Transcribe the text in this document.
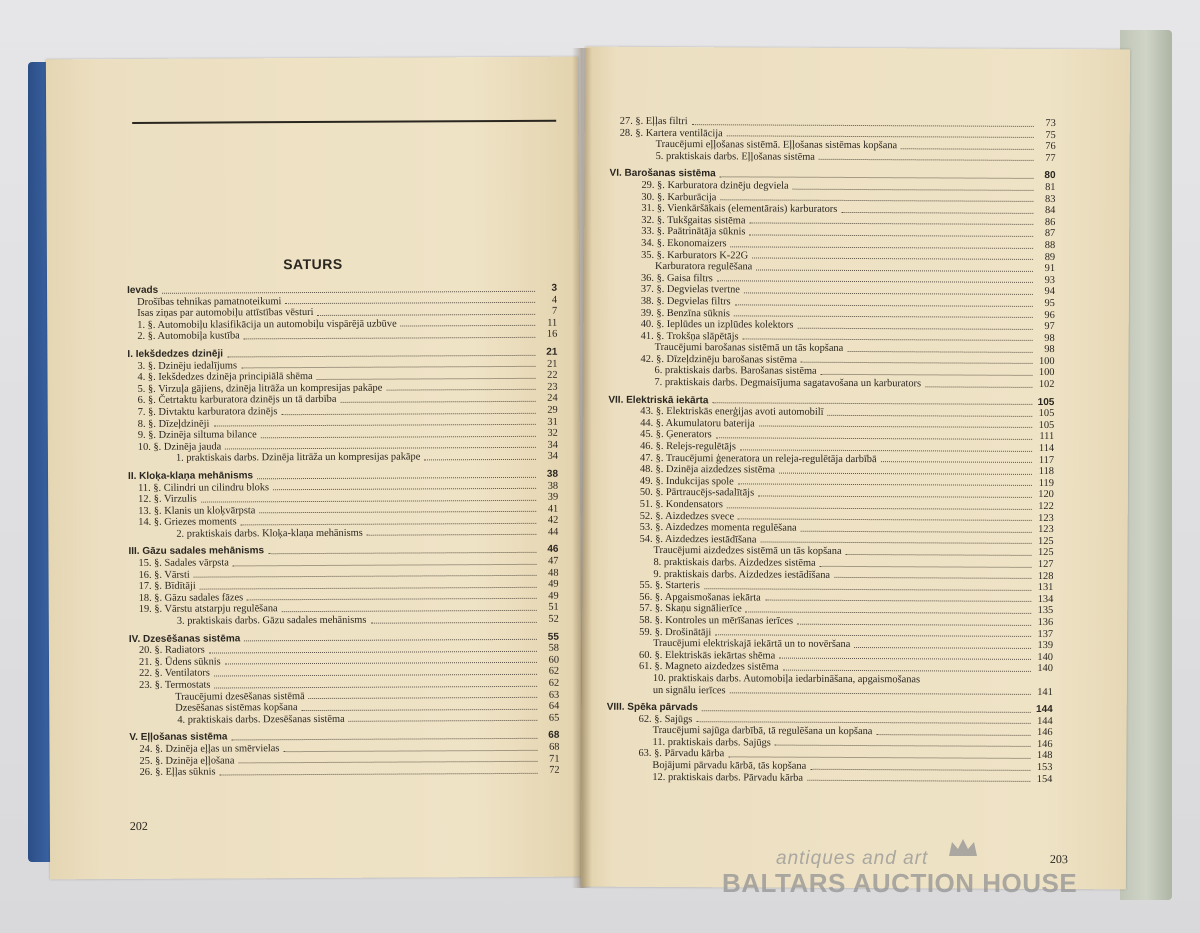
SATURS
Ievads	3
Drošības tehnikas pamatnoteikumi	4
Isas ziņas par automobiļu attīstības vēsturi	7
1. §. Automobiļu klasifikācija un automobiļu vispārējā uzbūve	11
2. §. Automobiļa kustība	16
I. Iekšdedzes dzinēji	21
3. §. Dzinēju iedalījums	21
4. §. Iekšdedzes dzinēja principiālā shēma	22
5. §. Virzuļa gājiens, dzinēja litrāža un kompresijas pakāpe	23
6. §. Četrtaktu karburatora dzinējs un tā darbība	24
7. §. Divtaktu karburatora dzinējs	29
8. §. Dīzeļdzinēji	31
9. §. Dzinēja siltuma bilance	32
10. §. Dzinēja jauda	34
1. praktiskais darbs. Dzinēja litrāža un kompresijas pakāpe	34
II. Kloķa-klaņa mehānisms	38
11. §. Cilindri un cilindru bloks	38
12. §. Virzulis	39
13. §. Klanis un kloķvārpsta	41
14. §. Griezes moments	42
2. praktiskais darbs. Kloķa-klaņa mehānisms	44
III. Gāzu sadales mehānisms	46
15. §. Sadales vārpsta	47
16. §. Vārsti	48
17. §. Bīdītāji	49
18. §. Gāzu sadales fāzes	49
19. §. Vārstu atstarpju regulēšana	51
3. praktiskais darbs. Gāzu sadales mehānisms	52
IV. Dzesēšanas sistēma	55
20. §. Radiators	58
21. §. Ūdens sūknis	60
22. §. Ventilators	62
23. §. Termostats	62
Traucējumi dzesēšanas sistēmā	63
Dzesēšanas sistēmas kopšana	64
4. praktiskais darbs. Dzesēšanas sistēma	65
V. Eļļošanas sistēma	68
24. §. Dzinēja eļļas un smērvielas	68
25. §. Dzinēja eļļošana	71
26. §. Eļļas sūknis	72
202
27. §. Eļļas filtri	73
28. §. Kartera ventilācija	75
Traucējumi eļļošanas sistēmā. Eļļošanas sistēmas kopšana	76
5. praktiskais darbs. Eļļošanas sistēma	77
VI. Barošanas sistēma	80
29. §. Karburatora dzinēju degviela	81
30. §. Karburācija	83
31. §. Vienkāršākais (elementārais) karburators	84
32. §. Tukšgaitas sistēma	86
33. §. Paātrinātāja sūknis	87
34. §. Ekonomaizers	88
35. §. Karburators K-22G	89
Karburatora regulēšana	91
36. §. Gaisa filtrs	93
37. §. Degvielas tvertne	94
38. §. Degvielas filtrs	95
39. §. Benzīna sūknis	96
40. §. Ieplūdes un izplūdes kolektors	97
41. §. Trokšņa slāpētājs	98
Traucējumi barošanas sistēmā un tās kopšana	98
42. §. Dīzeļdzinēju barošanas sistēma	100
6. praktiskais darbs. Barošanas sistēma	100
7. praktiskais darbs. Degmaisījuma sagatavošana un karburators	102
VII. Elektriskā iekārta	105
43. §. Elektriskās enerģijas avoti automobilī	105
44. §. Akumulatoru baterija	105
45. §. Ģenerators	111
46. §. Relejs-regulētājs	114
47. §. Traucējumi ģeneratora un releja-regulētāja darbībā	117
48. §. Dzinēja aizdedzes sistēma	118
49. §. Indukcijas spole	119
50. §. Pārtraucējs-sadalītājs	120
51. §. Kondensators	122
52. §. Aizdedzes svece	123
53. §. Aizdedzes momenta regulēšana	123
54. §. Aizdedzes iestādīšana	125
Traucējumi aizdedzes sistēmā un tās kopšana	125
8. praktiskais darbs. Aizdedzes sistēma	127
9. praktiskais darbs. Aizdedzes iestādīšana	128
55. §. Starteris	131
56. §. Apgaismošanas iekārta	134
57. §. Skaņu signālierīce	135
58. §. Kontroles un mērīšanas ierīces	136
59. §. Drošinātāji	137
Traucējumi elektriskajā iekārtā un to novēršana	139
60. §. Elektriskās iekārtas shēma	140
61. §. Magneto aizdedzes sistēma	140
10. praktiskais darbs. Automobiļa iedarbināšana, apgaismošanas
un signālu ierīces	141
VIII. Spēka pārvads	144
62. §. Sajūgs	144
Traucējumi sajūga darbībā, tā regulēšana un kopšana	146
11. praktiskais darbs. Sajūgs	146
63. §. Pārvadu kārba	148
Bojājumi pārvadu kārbā, tās kopšana	153
12. praktiskais darbs. Pārvadu kārba	154
203
antiques and art
BALTARS AUCTION HOUSE
